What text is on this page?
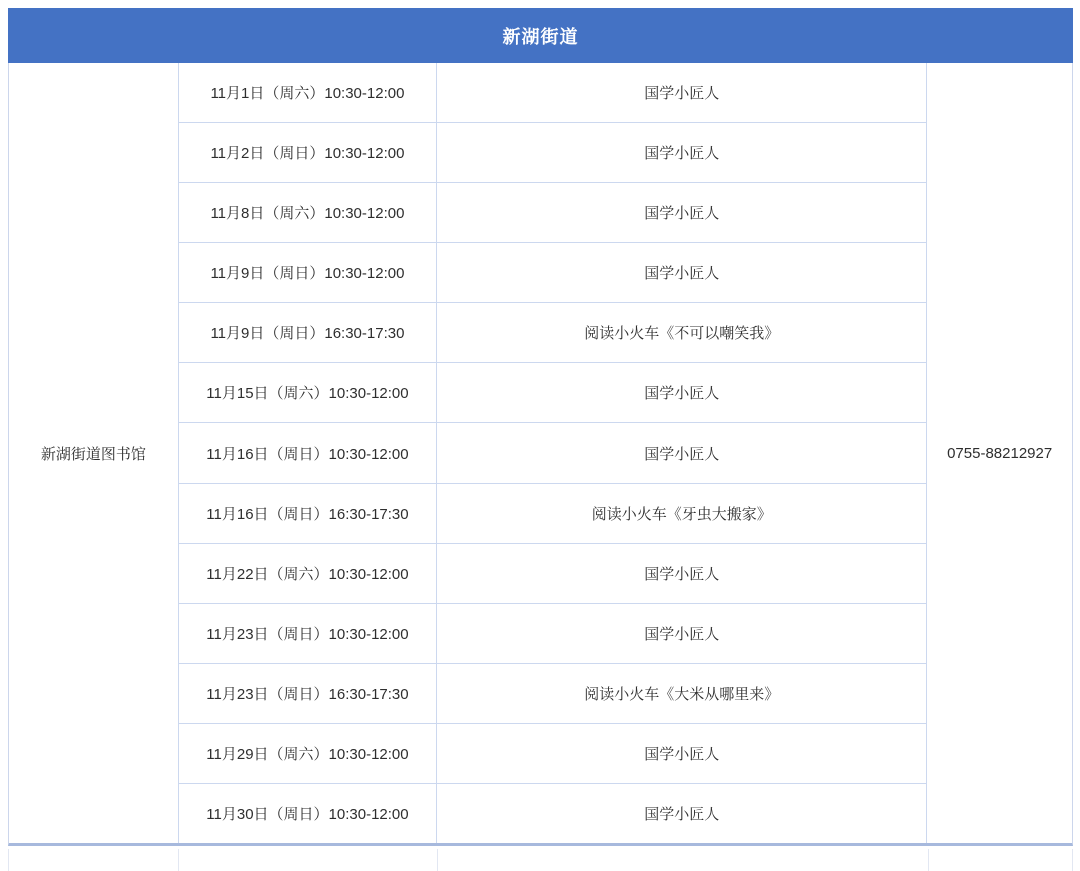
新湖街道
新湖街道图书馆
11月1日（周六）10:30-12:00
11月2日（周日）10:30-12:00
11月8日（周六）10:30-12:00
11月9日（周日）10:30-12:00
11月9日（周日）16:30-17:30
11月15日（周六）10:30-12:00
11月16日（周日）10:30-12:00
11月16日（周日）16:30-17:30
11月22日（周六）10:30-12:00
11月23日（周日）10:30-12:00
11月23日（周日）16:30-17:30
11月29日（周六）10:30-12:00
11月30日（周日）10:30-12:00
国学小匠人
国学小匠人
国学小匠人
国学小匠人
阅读小火车《不可以嘲笑我》
国学小匠人
国学小匠人
阅读小火车《牙虫大搬家》
国学小匠人
国学小匠人
阅读小火车《大米从哪里来》
国学小匠人
国学小匠人
0755-88212927
